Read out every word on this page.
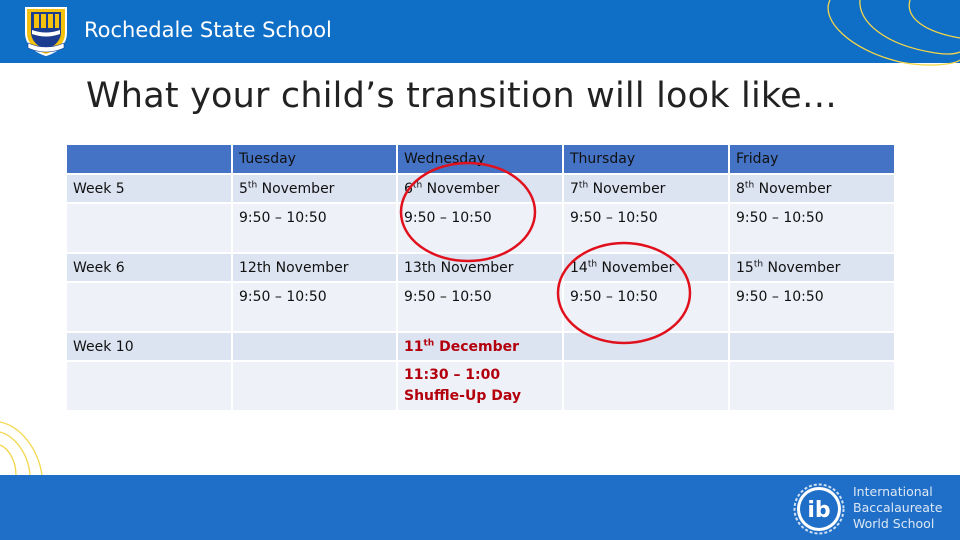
Rochedale State School
What your child’s transition will look like…
	Tuesday	Wednesday	Thursday	Friday
Week 5	5th November	6th November	7th November	8th November
	9:50 – 10:50	9:50 – 10:50	9:50 – 10:50	9:50 – 10:50
Week 6	12th November	13th November	14th November	15th November
	9:50 – 10:50	9:50 – 10:50	9:50 – 10:50	9:50 – 10:50
Week 10		11th December		

		11:30 – 1:00
Shuffle-Up Day		

ib
International
Baccalaureate
World School
